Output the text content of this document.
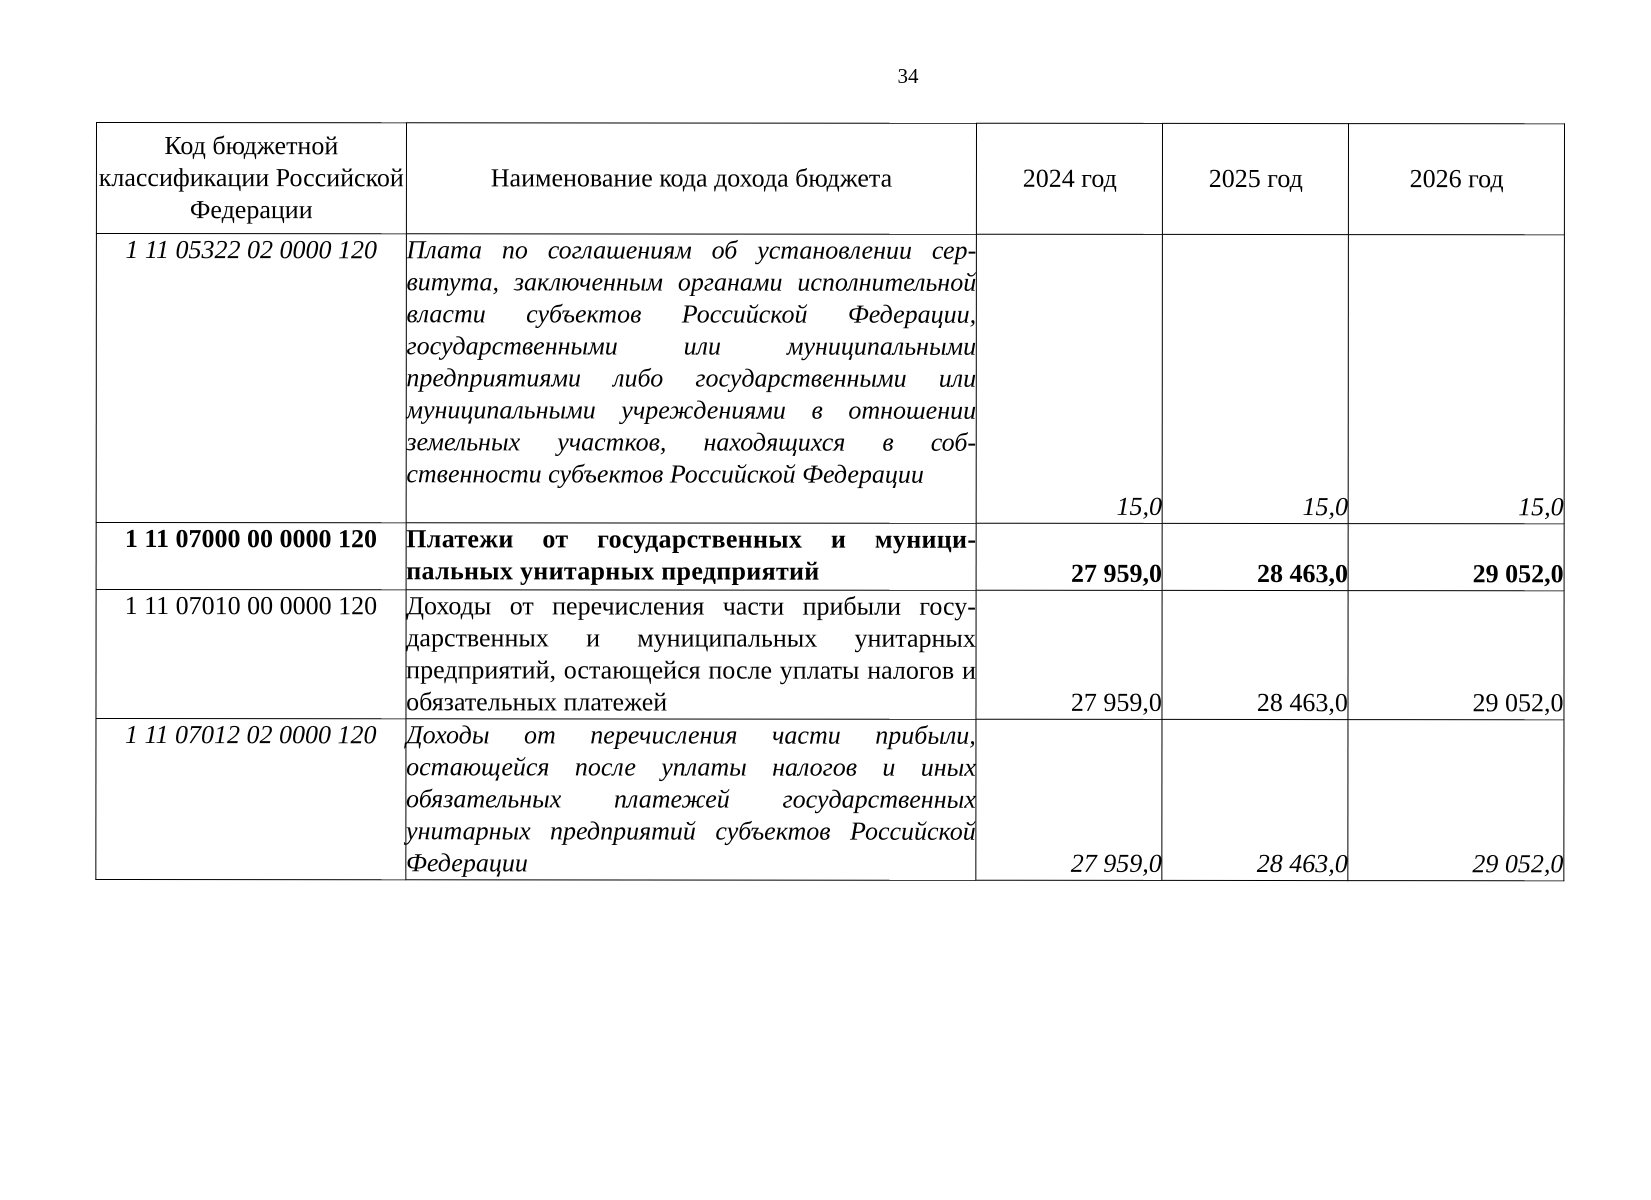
34
Код бюджетной классификации Российской Федерации	Наименование кода дохода бюджета	2024 год	2025 год	2026 год
1 11 05322 02 0000 120	Плата по соглашениям об установлении сервитута, заключенным органами исполнительной власти субъектов Российской Федерации, государственными или муниципальными предприятиями либо государственными или муниципальными учреждениями в отношении земельных участков, находящихся в собственности субъектов Российской Федерации	15,0	15,0	15,0
1 11 07000 00 0000 120	Платежи от государственных и муниципальных унитарных предприятий	27 959,0	28 463,0	29 052,0
1 11 07010 00 0000 120	Доходы от перечисления части прибыли государственных и муниципальных унитарных предприятий, остающейся после уплаты налогов и обязательных платежей	27 959,0	28 463,0	29 052,0
1 11 07012 02 0000 120	Доходы от перечисления части прибыли, остающейся после уплаты налогов и иных обязательных платежей государственных унитарных предприятий субъектов Российской Федерации	27 959,0	28 463,0	29 052,0
